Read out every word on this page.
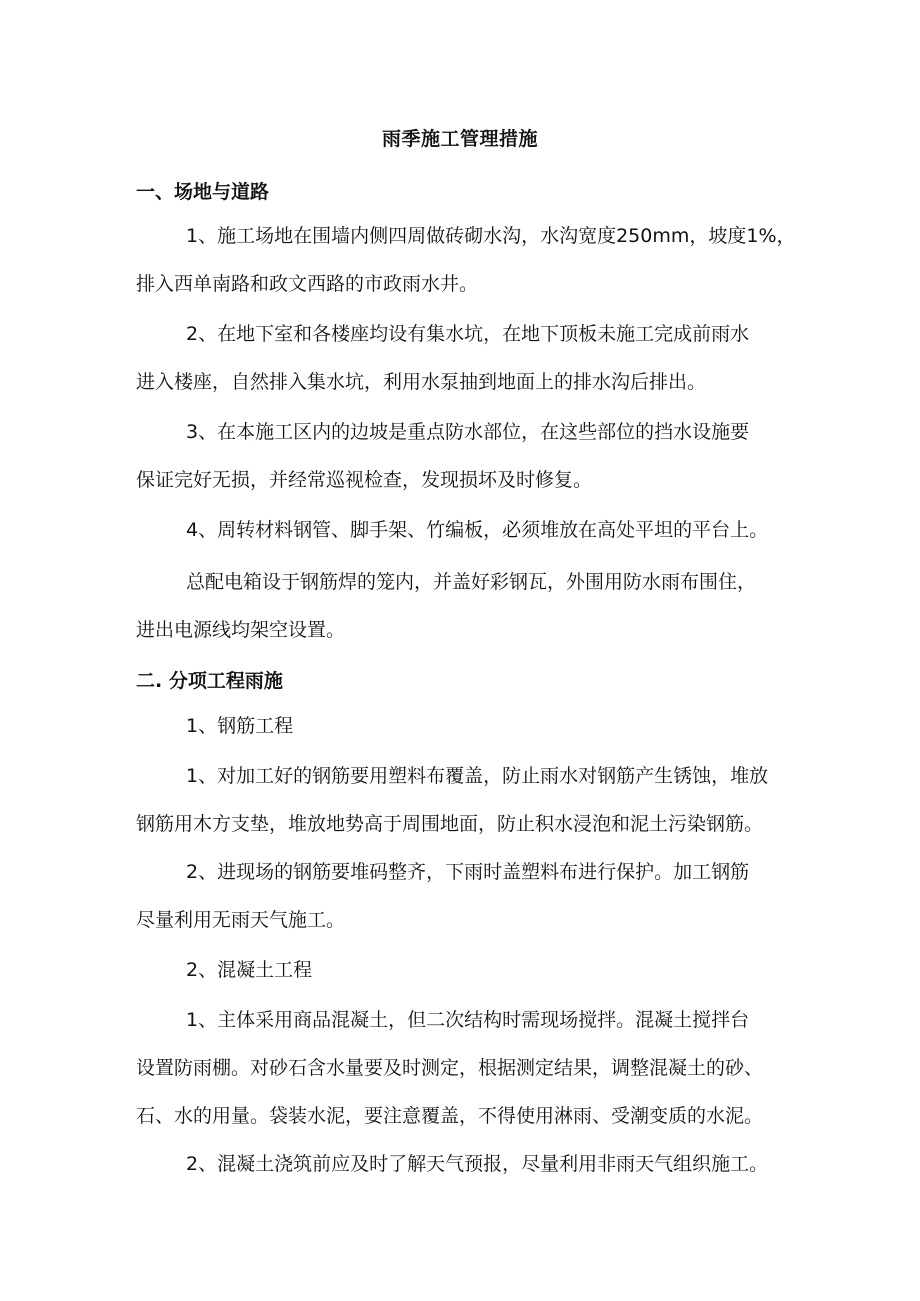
雨季施工管理措施
一、场地与道路
1、施工场地在围墙内侧四周做砖砌水沟，水沟宽度250mm，坡度1%，
排入西单南路和政文西路的市政雨水井。
2、在地下室和各楼座均设有集水坑，在地下顶板未施工完成前雨水
进入楼座，自然排入集水坑，利用水泵抽到地面上的排水沟后排出。
3、在本施工区内的边坡是重点防水部位，在这些部位的挡水设施要
保证完好无损，并经常巡视检查，发现损坏及时修复。
4、周转材料钢管、脚手架、竹编板，必须堆放在高处平坦的平台上。
总配电箱设于钢筋焊的笼内，并盖好彩钢瓦，外围用防水雨布围住，
进出电源线均架空设置。
二. 分项工程雨施
1、钢筋工程
1、对加工好的钢筋要用塑料布覆盖，防止雨水对钢筋产生锈蚀，堆放
钢筋用木方支垫，堆放地势高于周围地面，防止积水浸泡和泥土污染钢筋。
2、进现场的钢筋要堆码整齐，下雨时盖塑料布进行保护。加工钢筋
尽量利用无雨天气施工。
2、混凝土工程
1、主体采用商品混凝土，但二次结构时需现场搅拌。混凝土搅拌台
设置防雨棚。对砂石含水量要及时测定，根据测定结果，调整混凝土的砂、
石、水的用量。袋装水泥，要注意覆盖，不得使用淋雨、受潮变质的水泥。
2、混凝土浇筑前应及时了解天气预报，尽量利用非雨天气组织施工。
